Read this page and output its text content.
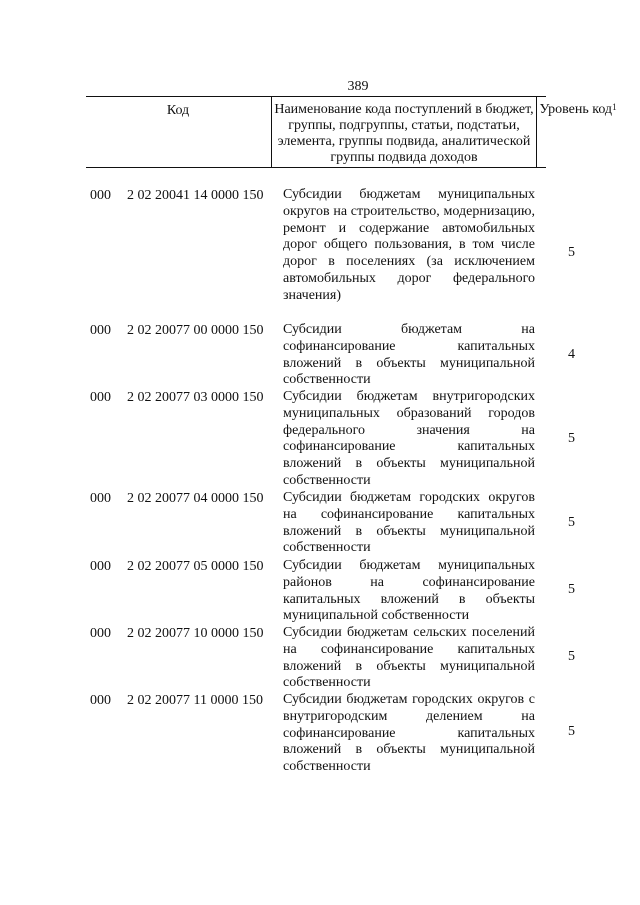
389
Код	Наименование кода поступлений в бюджет, группы, подгруппы, статьи, подстатьи, элемента, группы подвида, аналитической группы подвида доходов
Уровень код$^1$
000 2 02 20041 14 0000 150 Субсидии бюджетам муниципальных округов на строительство, модернизацию, ремонт и содержание автомобильных дорог общего пользования, в том числе дорог в поселениях (за исключением автомобильных дорог федерального значения)
5
000 2 02 20077 00 0000 150 Субсидии бюджетам на софинансирование капитальных вложений в объекты муниципальной собственности
4
000 2 02 20077 03 0000 150 Субсидии бюджетам внутригородских муниципальных образований городов федерального значения на софинансирование капитальных вложений в объекты муниципальной собственности
5
000 2 02 20077 04 0000 150 Субсидии бюджетам городских округов на софинансирование капитальных вложений в объекты муниципальной собственности
5
000 2 02 20077 05 0000 150 Субсидии бюджетам муниципальных районов на софинансирование капитальных вложений в объекты муниципальной собственности
5
000 2 02 20077 10 0000 150 Субсидии бюджетам сельских поселений на софинансирование капитальных вложений в объекты муниципальной собственности
5
000 2 02 20077 11 0000 150 Субсидии бюджетам городских округов с внутригородским делением на софинансирование капитальных вложений в объекты муниципальной собственности
5
